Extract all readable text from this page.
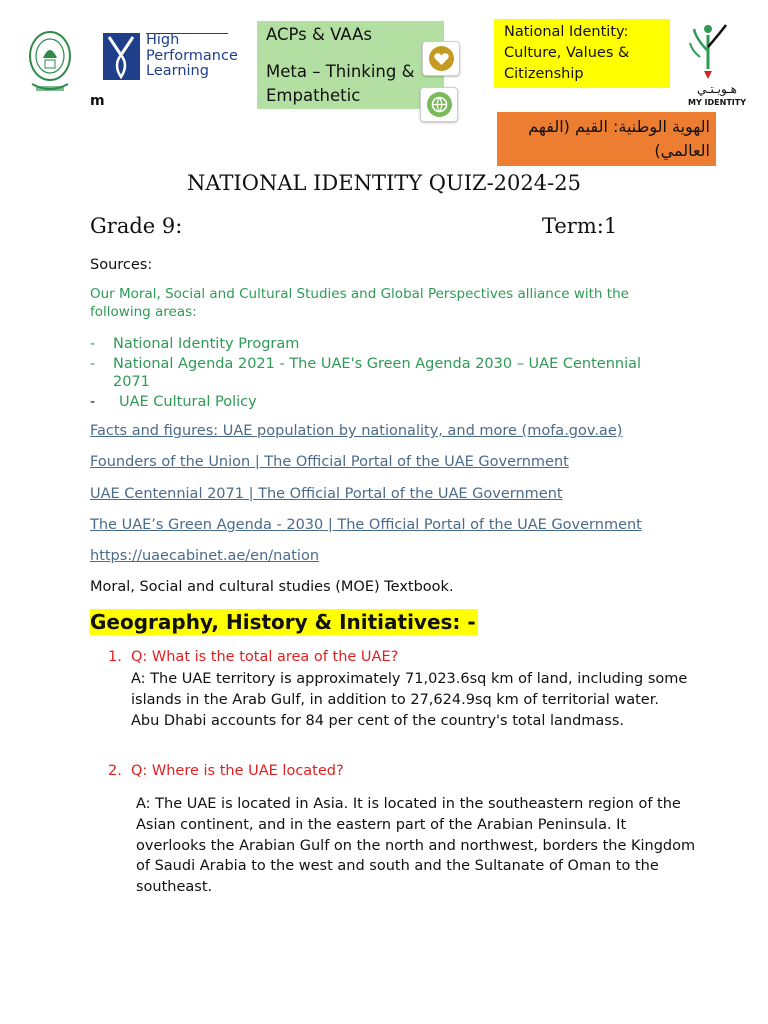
High
Performance
Learning
m
ACPs & VAAs
Meta – Thinking & Empathetic
National Identity: Culture, Values & Citizenship
هـويـتـي
MY IDENTITY
الهوية الوطنية: القيم (الفهم العالمي)
NATIONAL IDENTITY QUIZ-2024-25
Grade 9:	Term:1
Sources:
Our Moral, Social and Cultural Studies and Global Perspectives alliance with the following areas:
- National Identity Program
- National Agenda 2021 - The UAE's Green Agenda 2030 – UAE Centennial 2071
- UAE Cultural Policy
Facts and figures: UAE population by nationality, and more (mofa.gov.ae)
Founders of the Union | The Official Portal of the UAE Government
UAE Centennial 2071 | The Official Portal of the UAE Government
The UAE’s Green Agenda - 2030 | The Official Portal of the UAE Government
https://uaecabinet.ae/en/nation
Moral, Social and cultural studies (MOE) Textbook.
Geography, History & Initiatives: -
1. Q: What is the total area of the UAE?
A: The UAE territory is approximately 71,023.6sq km of land, including some islands in the Arab Gulf, in addition to 27,624.9sq km of territorial water. Abu Dhabi accounts for 84 per cent of the country's total landmass.
2. Q: Where is the UAE located?
A: The UAE is located in Asia. It is located in the southeastern region of the Asian continent, and in the eastern part of the Arabian Peninsula. It overlooks the Arabian Gulf on the north and northwest, borders the Kingdom of Saudi Arabia to the west and south and the Sultanate of Oman to the southeast.
